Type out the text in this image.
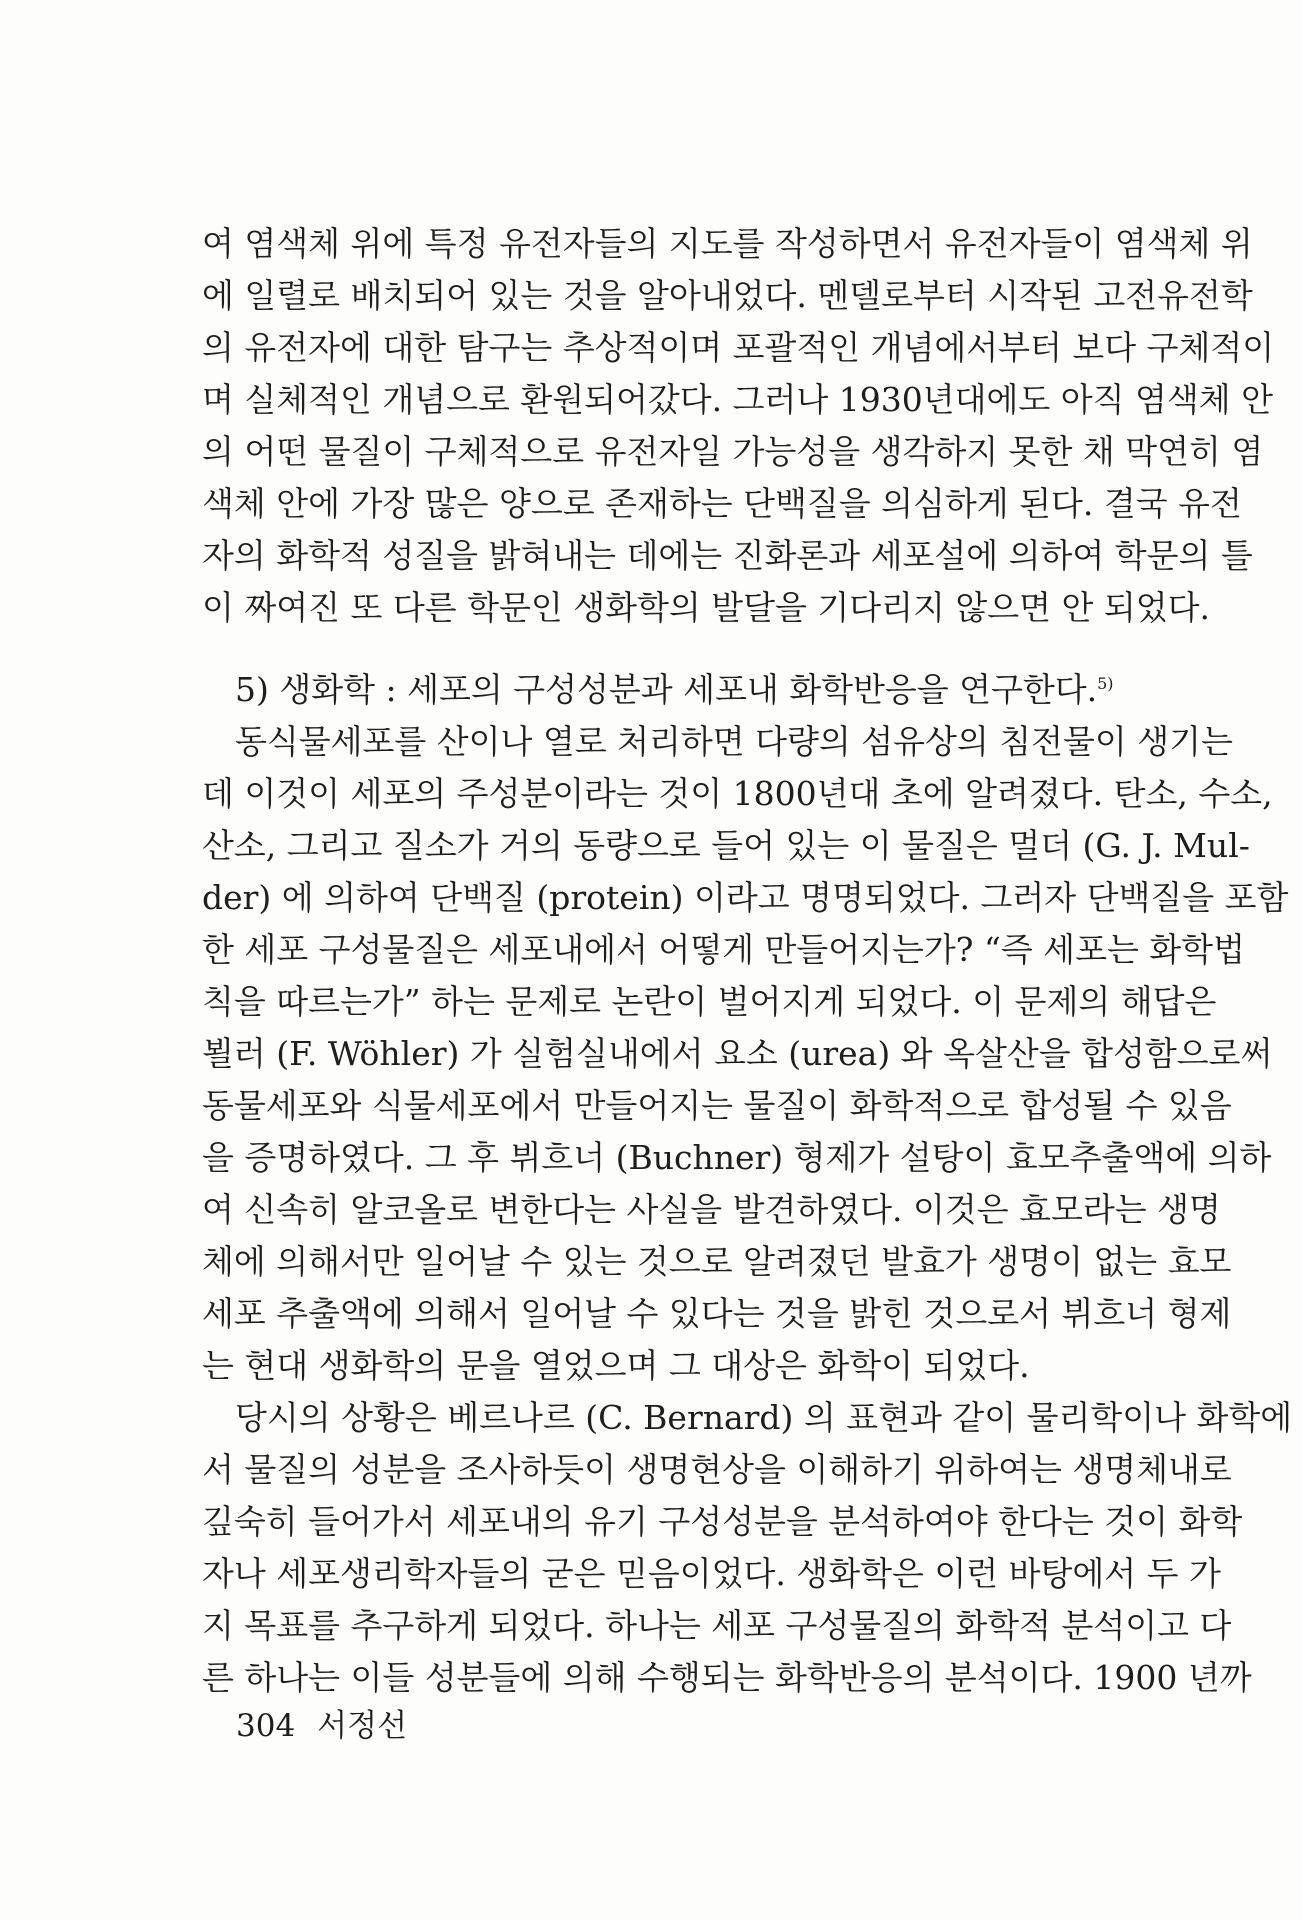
여 염색체 위에 특정 유전자들의 지도를 작성하면서 유전자들이 염색체 위
에 일렬로 배치되어 있는 것을 알아내었다. 멘델로부터 시작된 고전유전학
의 유전자에 대한 탐구는 추상적이며 포괄적인 개념에서부터 보다 구체적이
며 실체적인 개념으로 환원되어갔다. 그러나 1930년대에도 아직 염색체 안
의 어떤 물질이 구체적으로 유전자일 가능성을 생각하지 못한 채 막연히 염
색체 안에 가장 많은 양으로 존재하는 단백질을 의심하게 된다. 결국 유전
자의 화학적 성질을 밝혀내는 데에는 진화론과 세포설에 의하여 학문의 틀
이 짜여진 또 다른 학문인 생화학의 발달을 기다리지 않으면 안 되었다.
5) 생화학 : 세포의 구성성분과 세포내 화학반응을 연구한다.$^{5)}$
동식물세포를 산이나 열로 처리하면 다량의 섬유상의 침전물이 생기는
데 이것이 세포의 주성분이라는 것이 1800년대 초에 알려졌다. 탄소, 수소,
산소, 그리고 질소가 거의 동량으로 들어 있는 이 물질은 멀더 (G. J. Mul-
der) 에 의하여 단백질 (protein) 이라고 명명되었다. 그러자 단백질을 포함
한 세포 구성물질은 세포내에서 어떻게 만들어지는가? “즉 세포는 화학법
칙을 따르는가” 하는 문제로 논란이 벌어지게 되었다. 이 문제의 해답은
뵐러 (F. Wöhler) 가 실험실내에서 요소 (urea) 와 옥살산을 합성함으로써
동물세포와 식물세포에서 만들어지는 물질이 화학적으로 합성될 수 있음
을 증명하였다. 그 후 뷔흐너 (Buchner) 형제가 설탕이 효모추출액에 의하
여 신속히 알코올로 변한다는 사실을 발견하였다. 이것은 효모라는 생명
체에 의해서만 일어날 수 있는 것으로 알려졌던 발효가 생명이 없는 효모
세포 추출액에 의해서 일어날 수 있다는 것을 밝힌 것으로서 뷔흐너 형제
는 현대 생화학의 문을 열었으며 그 대상은 화학이 되었다.
당시의 상황은 베르나르 (C. Bernard) 의 표현과 같이 물리학이나 화학에
서 물질의 성분을 조사하듯이 생명현상을 이해하기 위하여는 생명체내로
깊숙히 들어가서 세포내의 유기 구성성분을 분석하여야 한다는 것이 화학
자나 세포생리학자들의 굳은 믿음이었다. 생화학은 이런 바탕에서 두 가
지 목표를 추구하게 되었다. 하나는 세포 구성물질의 화학적 분석이고 다
른 하나는 이들 성분들에 의해 수행되는 화학반응의 분석이다. 1900 년까
304 서정선
